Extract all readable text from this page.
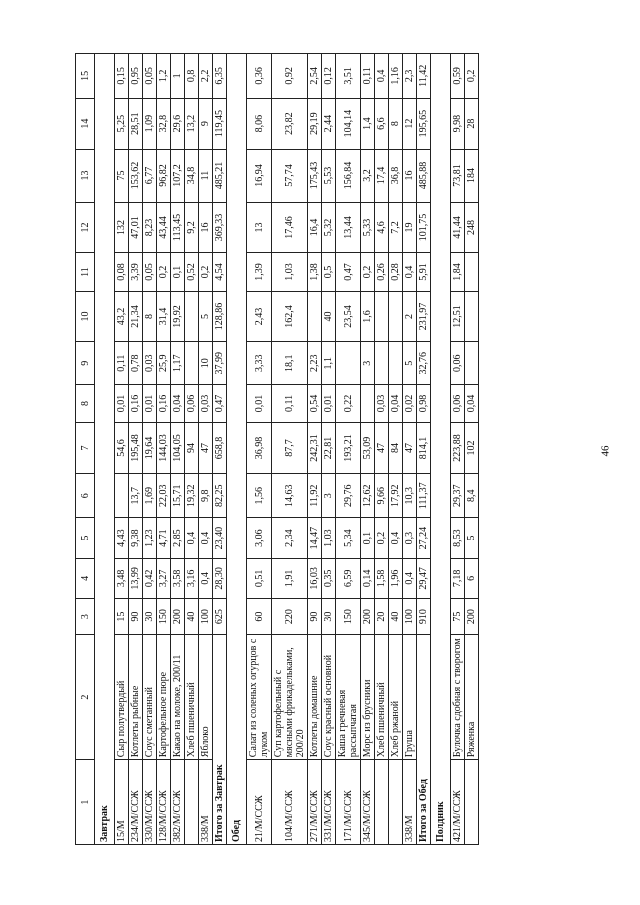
1	2	3	4	5	6	7	8	9	10	11	12	13	14	15
Завтрак														
15/М	Сыр полутвердый	15	3,48	4,43		54,6	0,01	0,11	43,2	0,08	132	75	5,25	0,15
234/М/ССЖ	Котлеты рыбные	90	13,99	9,38	13,7	195,48	0,16	0,78	21,34	3,39	47,01	153,62	28,51	0,95
330/М/ССЖ	Соус сметанный	30	0,42	1,23	1,69	19,64	0,01	0,03	8	0,05	8,23	6,77	1,09	0,05
128/М/ССЖ	Картофельное пюре	150	3,27	4,71	22,03	144,03	0,16	25,9	31,4	0,2	43,44	96,82	32,8	1,2
382/М/ССЖ	Какао на молоке, 200/11	200	3,58	2,85	15,71	104,05	0,04	1,17	19,92	0,1	113,45	107,2	29,6	1
	Хлеб пшеничный	40	3,16	0,4	19,32	94	0,06			0,52	9,2	34,8	13,2	0,8
338/М	Яблоко	100	0,4	0,4	9,8	47	0,03	10	5	0,2	16	11	9	2,2
Итого за Завтрак		625	28,30	23,40	82,25	658,8	0,47	37,99	128,86	4,54	369,33	485,21	119,45	6,35
Обед														
21/М/ССЖ	Салат из соленых огурцов с луком	60	0,51	3,06	1,56	36,98	0,01	3,33	2,43	1,39	13	16,94	8,06	0,36
104/М/ССЖ	Суп картофельный с мясными фрикадельками, 200/20	220	1,91	2,34	14,63	87,7	0,11	18,1	162,4	1,03	17,46	57,74	23,82	0,92
271/М/ССЖ	Котлеты домашние	90	16,03	14,47	11,92	242,31	0,54	2,23		1,38	16,4	175,43	29,19	2,54
331/М/ССЖ	Соус красный основной	30	0,35	1,03	3	22,81	0,01	1,1	40	0,5	5,32	5,53	2,44	0,12
171/М/ССЖ	Каша гречневая рассыпчатая	150	6,59	5,34	29,76	193,21	0,22		23,54	0,47	13,44	156,84	104,14	3,51
345/М/ССЖ	Морс из брусники	200	0,14	0,1	12,62	53,09		3	1,6	0,2	5,33	3,2	1,4	0,11
	Хлеб пшеничный	20	1,58	0,2	9,66	47	0,03			0,26	4,6	17,4	6,6	0,4
	Хлеб ржаной	40	1,96	0,4	17,92	84	0,04			0,28	7,2	36,8	8	1,16
338/М	Груша	100	0,4	0,3	10,3	47	0,02	5	2	0,4	19	16	12	2,3
Итого за Обед		910	29,47	27,24	111,37	814,1	0,98	32,76	231,97	5,91	101,75	485,88	195,65	11,42
Полдник														
421/М/ССЖ	Булочка сдобная с творогом	75	7,18	8,53	29,37	223,88	0,06	0,06	12,51	1,84	41,44	73,81	9,98	0,59
	Ряженка	200	6	5	8,4	102	0,04				248	184	28	0,2
46
